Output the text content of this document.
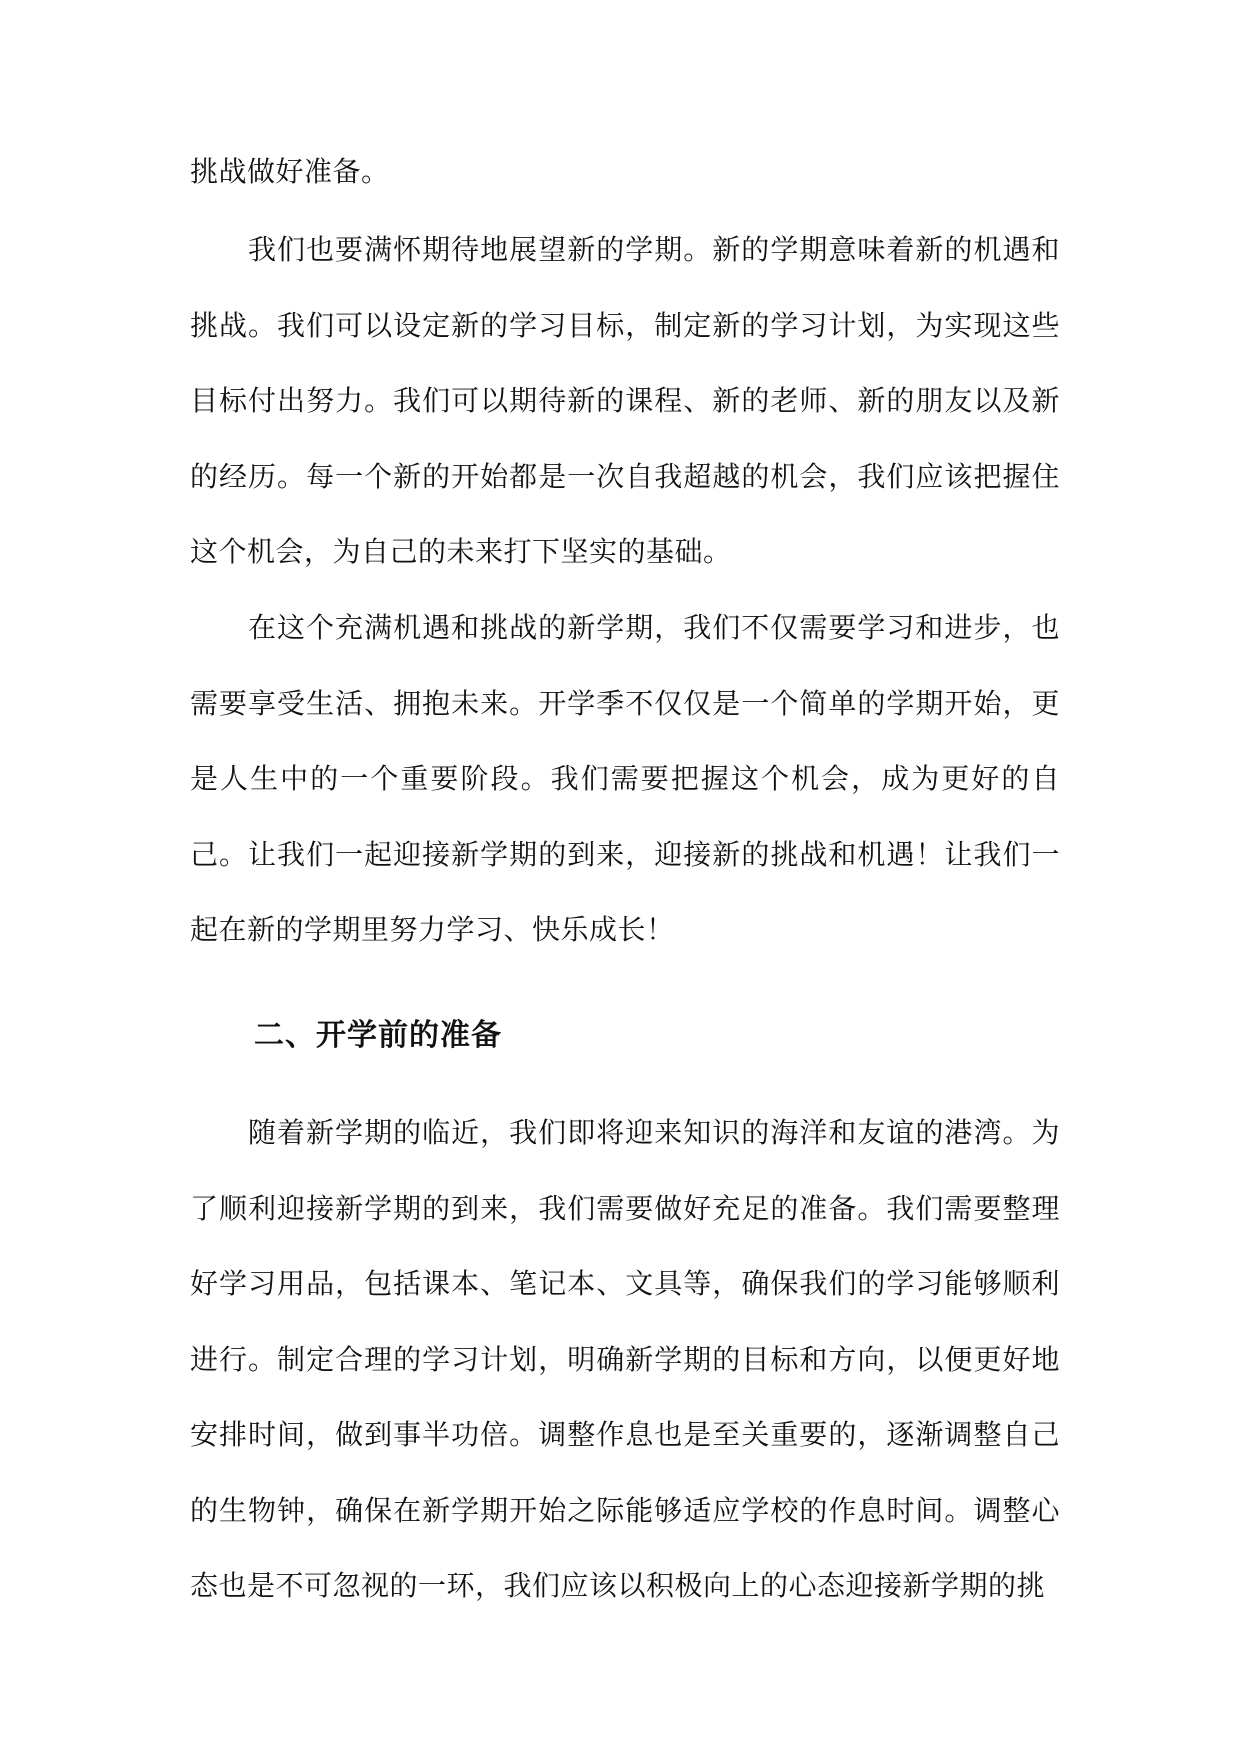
挑战做好准备。

我们也要满怀期待地展望新的学期。新的学期意味着新的机遇和挑战。我们可以设定新的学习目标，制定新的学习计划，为实现这些目标付出努力。我们可以期待新的课程、新的老师、新的朋友以及新的经历。每一个新的开始都是一次自我超越的机会，我们应该把握住这个机会，为自己的未来打下坚实的基础。

在这个充满机遇和挑战的新学期，我们不仅需要学习和进步，也需要享受生活、拥抱未来。开学季不仅仅是一个简单的学期开始，更是人生中的一个重要阶段。我们需要把握这个机会，成为更好的自己。让我们一起迎接新学期的到来，迎接新的挑战和机遇！让我们一起在新的学期里努力学习、快乐成长！

二、开学前的准备

随着新学期的临近，我们即将迎来知识的海洋和友谊的港湾。为了顺利迎接新学期的到来，我们需要做好充足的准备。我们需要整理好学习用品，包括课本、笔记本、文具等，确保我们的学习能够顺利进行。制定合理的学习计划，明确新学期的目标和方向，以便更好地安排时间，做到事半功倍。调整作息也是至关重要的，逐渐调整自己的生物钟，确保在新学期开始之际能够适应学校的作息时间。调整心态也是不可忽视的一环，我们应该以积极向上的心态迎接新学期的挑
